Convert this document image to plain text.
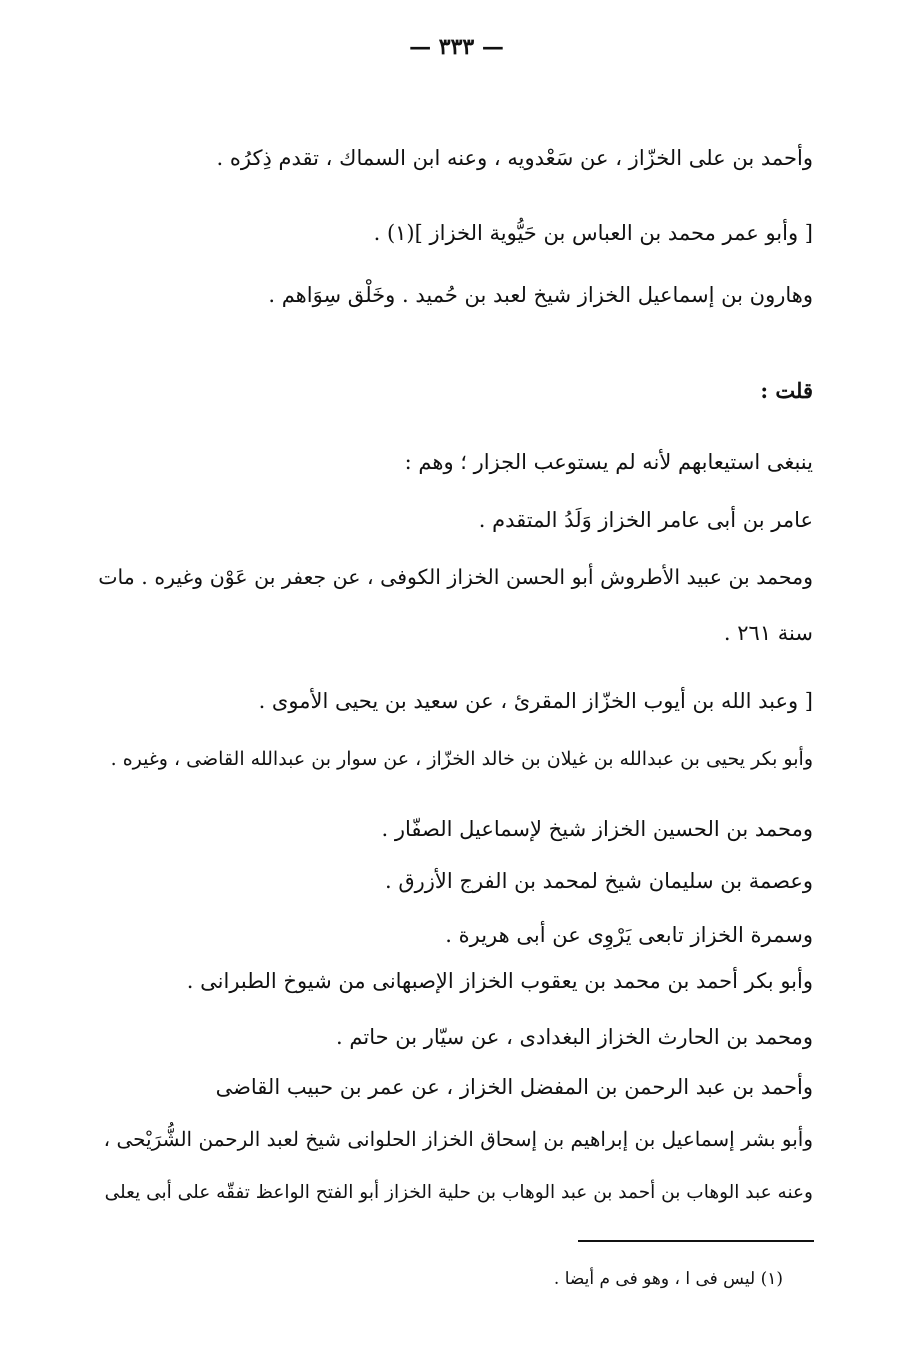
— ٣٣٣ —
وأحمد بن على الخزّاز ، عن سَعْدويه ، وعنه ابن السماك ، تقدم ذِكرُه .
[ وأبو عمر محمد بن العباس بن حَيُّوية الخزاز ](١) .
وهارون بن إسماعيل الخزاز شيخ لعبد بن حُميد . وخَلْق سِوَاهم .
قلت :
ينبغى استيعابهم لأنه لم يستوعب الجزار ؛ وهم :
عامر بن أبى عامر الخزاز وَلَدُ المتقدم .
ومحمد بن عبيد الأطروش أبو الحسن الخزاز الكوفى ، عن جعفر بن عَوْن وغيره . مات
سنة ٢٦١ .
[ وعبد الله بن أيوب الخزّاز المقرئ ، عن سعيد بن يحيى الأموى .
وأبو بكر يحيى بن عبدالله بن غيلان بن خالد الخزّاز ، عن سوار بن عبدالله القاضى ، وغيره .
ومحمد بن الحسين الخزاز شيخ لإسماعيل الصفّار .
وعصمة بن سليمان شيخ لمحمد بن الفرج الأزرق .
وسمرة الخزاز تابعى يَرْوِى عن أبى هريرة .
وأبو بكر أحمد بن محمد بن يعقوب الخزاز الإصبهانى من شيوخ الطبرانى .
ومحمد بن الحارث الخزاز البغدادى ، عن سيّار بن حاتم .
وأحمد بن عبد الرحمن بن المفضل الخزاز ، عن عمر بن حبيب القاضى
وأبو بشر إسماعيل بن إبراهيم بن إسحاق الخزاز الحلوانى شيخ لعبد الرحمن الشُّرَيْحى ،
وعنه عبد الوهاب بن أحمد بن عبد الوهاب بن حلية الخزاز أبو الفتح الواعظ تفقّه على أبى يعلى
(١) ليس فى ا ، وهو فى م أيضا .
